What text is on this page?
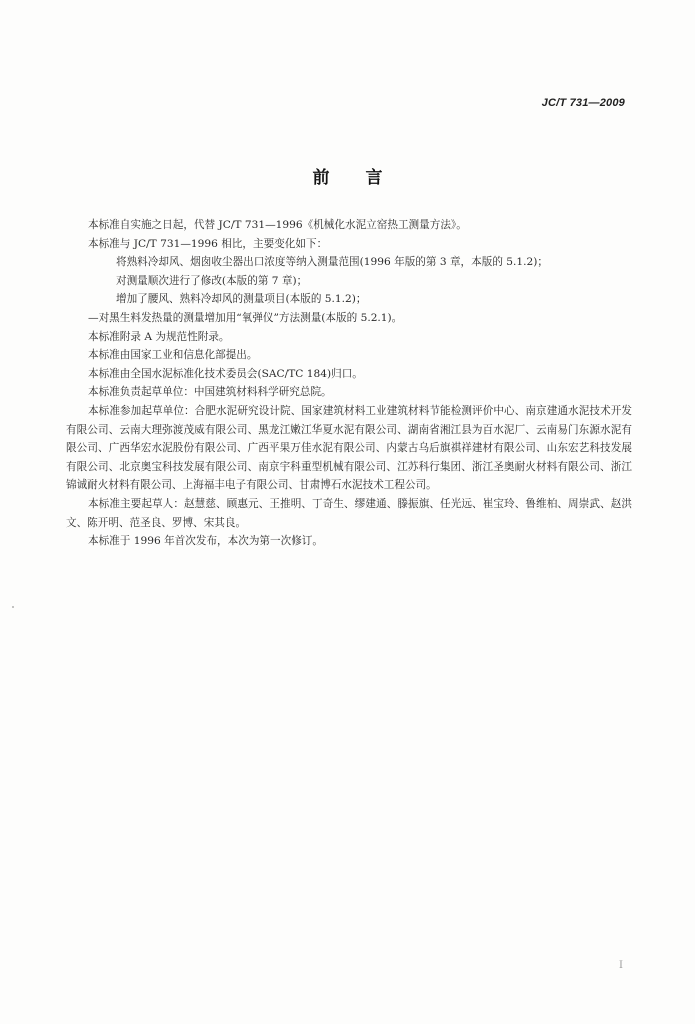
JC/T 731—2009
前 言

本标准自实施之日起，代替 JC/T 731—1996《机械化水泥立窑热工测量方法》。

本标准与 JC/T 731—1996 相比，主要变化如下：

将熟料冷却风、烟囱收尘器出口浓度等纳入测量范围(1996 年版的第 3 章，本版的 5.1.2)；

对测量顺次进行了修改(本版的第 7 章)；

增加了腰风、熟料冷却风的测量项目(本版的 5.1.2)；

—对黑生料发热量的测量增加用“氧弹仪”方法测量(本版的 5.2.1)。

本标准附录 A 为规范性附录。

本标准由国家工业和信息化部提出。

本标准由全国水泥标准化技术委员会(SAC/TC 184)归口。

本标准负责起草单位：中国建筑材料科学研究总院。

本标准参加起草单位：合肥水泥研究设计院、国家建筑材料工业建筑材料节能检测评价中心、南京建通水泥技术开发有限公司、云南大理弥渡茂威有限公司、黑龙江嫩江华夏水泥有限公司、湖南省湘江县为百水泥厂、云南易门东源水泥有限公司、广西华宏水泥股份有限公司、广西平果万佳水泥有限公司、内蒙古乌后旗祺祥建材有限公司、山东宏艺科技发展有限公司、北京奥宝科技发展有限公司、南京宇科重型机械有限公司、江苏科行集团、浙江圣奥耐火材料有限公司、浙江锦诚耐火材料有限公司、上海福丰电子有限公司、甘肃博石水泥技术工程公司。

本标准主要起草人：赵慧慈、顾惠元、王推明、丁奇生、缪建通、滕振旗、任光远、崔宝玲、鲁维柏、周崇武、赵洪文、陈开明、范圣良、罗博、宋其良。

本标准于 1996 年首次发布，本次为第一次修订。

I
